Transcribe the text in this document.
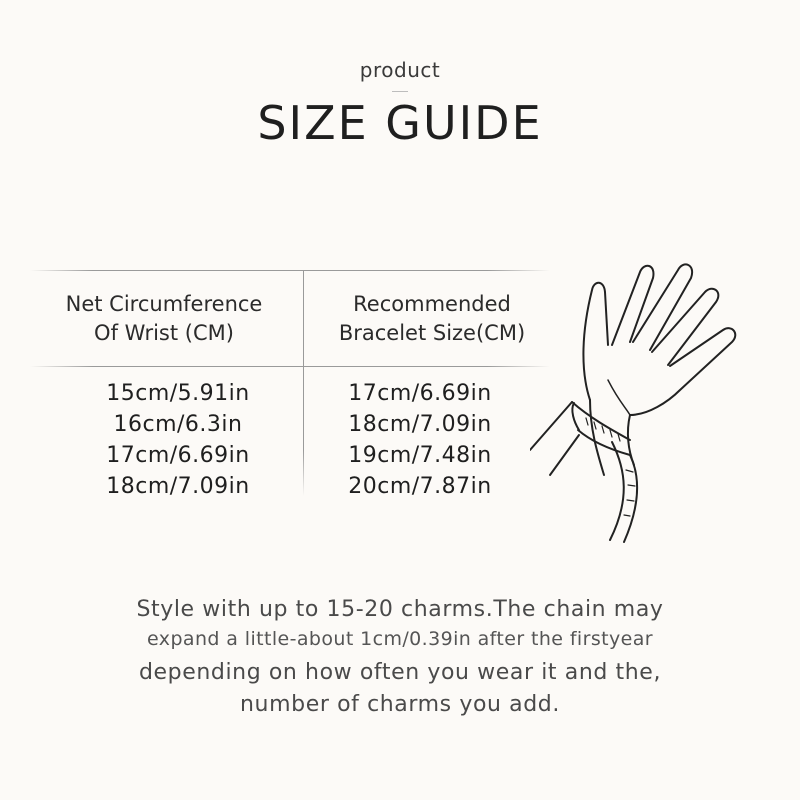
product
SIZE GUIDE
Net Circumference
Of Wrist (CM)
Recommended
Bracelet Size(CM)
15cm/5.91in
16cm/6.3in
17cm/6.69in
18cm/7.09in
17cm/6.69in
18cm/7.09in
19cm/7.48in
20cm/7.87in
Style with up to 15-20 charms.The chain may
expand a little-about 1cm/0.39in after the firstyear
depending on how often you wear it and the,
number of charms you add.
